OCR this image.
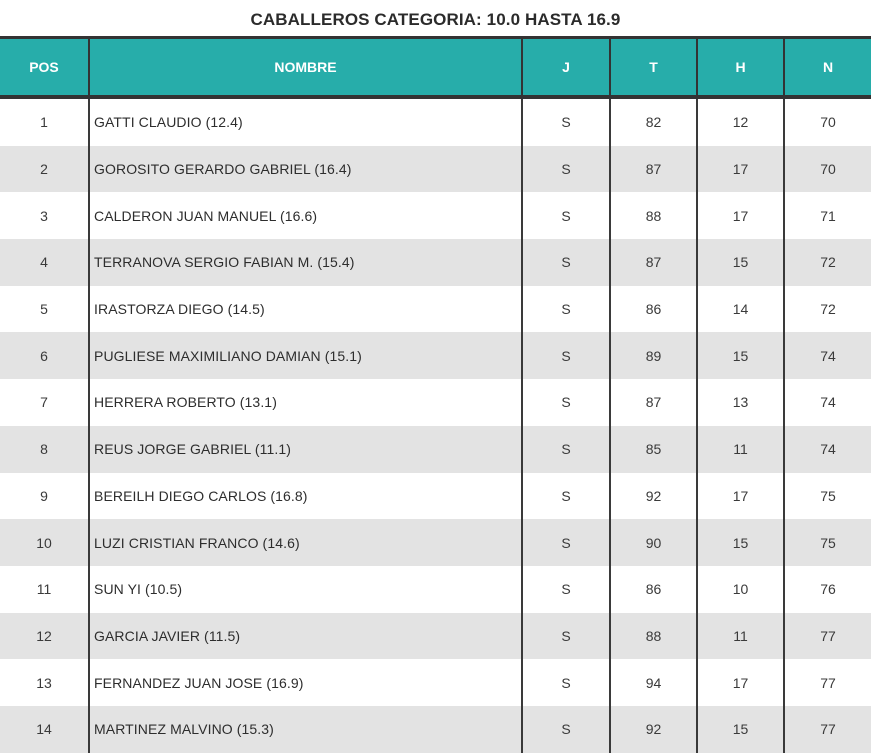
CABALLEROS CATEGORIA: 10.0 HASTA 16.9
POS	NOMBRE	J	T	H	N
1	GATTI CLAUDIO (12.4)	S	82	12	70
2	GOROSITO GERARDO GABRIEL (16.4)	S	87	17	70
3	CALDERON JUAN MANUEL (16.6)	S	88	17	71
4	TERRANOVA SERGIO FABIAN M. (15.4)	S	87	15	72
5	IRASTORZA DIEGO (14.5)	S	86	14	72
6	PUGLIESE MAXIMILIANO DAMIAN (15.1)	S	89	15	74
7	HERRERA ROBERTO (13.1)	S	87	13	74
8	REUS JORGE GABRIEL (11.1)	S	85	11	74
9	BEREILH DIEGO CARLOS (16.8)	S	92	17	75
10	LUZI CRISTIAN FRANCO (14.6)	S	90	15	75
11	SUN YI (10.5)	S	86	10	76
12	GARCIA JAVIER (11.5)	S	88	11	77
13	FERNANDEZ JUAN JOSE (16.9)	S	94	17	77
14	MARTINEZ MALVINO (15.3)	S	92	15	77
